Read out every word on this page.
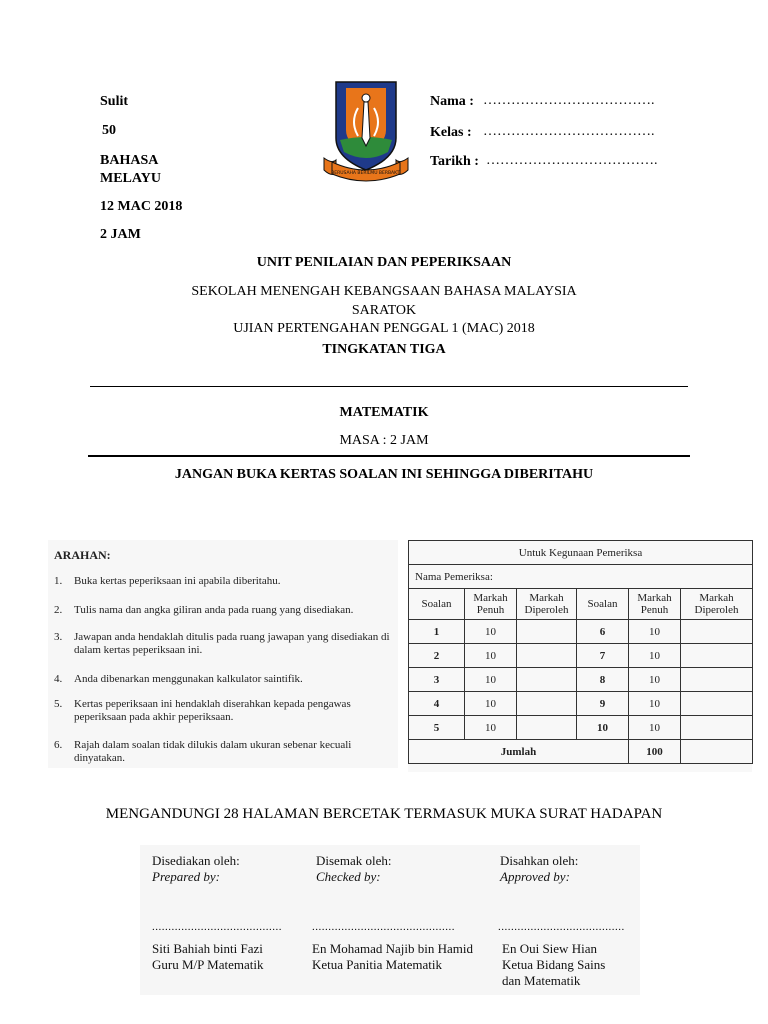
Sulit
50
BAHASA
MELAYU
12 MAC 2018
2 JAM
BERUSAHA BERILMU BERBAKTI
Nama : ……………………………….
Kelas : ……………………………….
Tarikh : ……………………………….
UNIT PENILAIAN DAN PEPERIKSAAN
SEKOLAH MENENGAH KEBANGSAAN BAHASA MALAYSIA
SARATOK
UJIAN PERTENGAHAN PENGGAL 1 (MAC) 2018
TINGKATAN TIGA
MATEMATIK
MASA : 2 JAM
JANGAN BUKA KERTAS SOALAN INI SEHINGGA DIBERITAHU
ARAHAN:
1. Buka kertas peperiksaan ini apabila diberitahu.
2. Tulis nama dan angka giliran anda pada ruang yang disediakan.
3. Jawapan anda hendaklah ditulis pada ruang jawapan yang disediakan di dalam kertas peperiksaan ini.
4. Anda dibenarkan menggunakan kalkulator saintifik.
5. Kertas peperiksaan ini hendaklah diserahkan kepada pengawas peperiksaan pada akhir peperiksaan.
6. Rajah dalam soalan tidak dilukis dalam ukuran sebenar kecuali dinyatakan.
Untuk Kegunaan Pemeriksa					
Nama Pemeriksa:					
Soalan	Markah Penuh	Markah Diperoleh	Soalan	Markah Penuh	Markah Diperoleh
1	10		6	10	
2	10		7	10	
3	10		8	10	
4	10		9	10	
5	10		10	10	
Jumlah				100	
MENGANDUNGI 28 HALAMAN BERCETAK TERMASUK MUKA SURAT HADAPAN
Disediakan oleh:
Prepared by:
........................................
Siti Bahiah binti Fazi
Guru M/P Matematik
Disemak oleh:
Checked by:
............................................
En Mohamad Najib bin Hamid
Ketua Panitia Matematik
Disahkan oleh:
Approved by:
.......................................
En Oui Siew Hian
Ketua Bidang Sains
dan Matematik
